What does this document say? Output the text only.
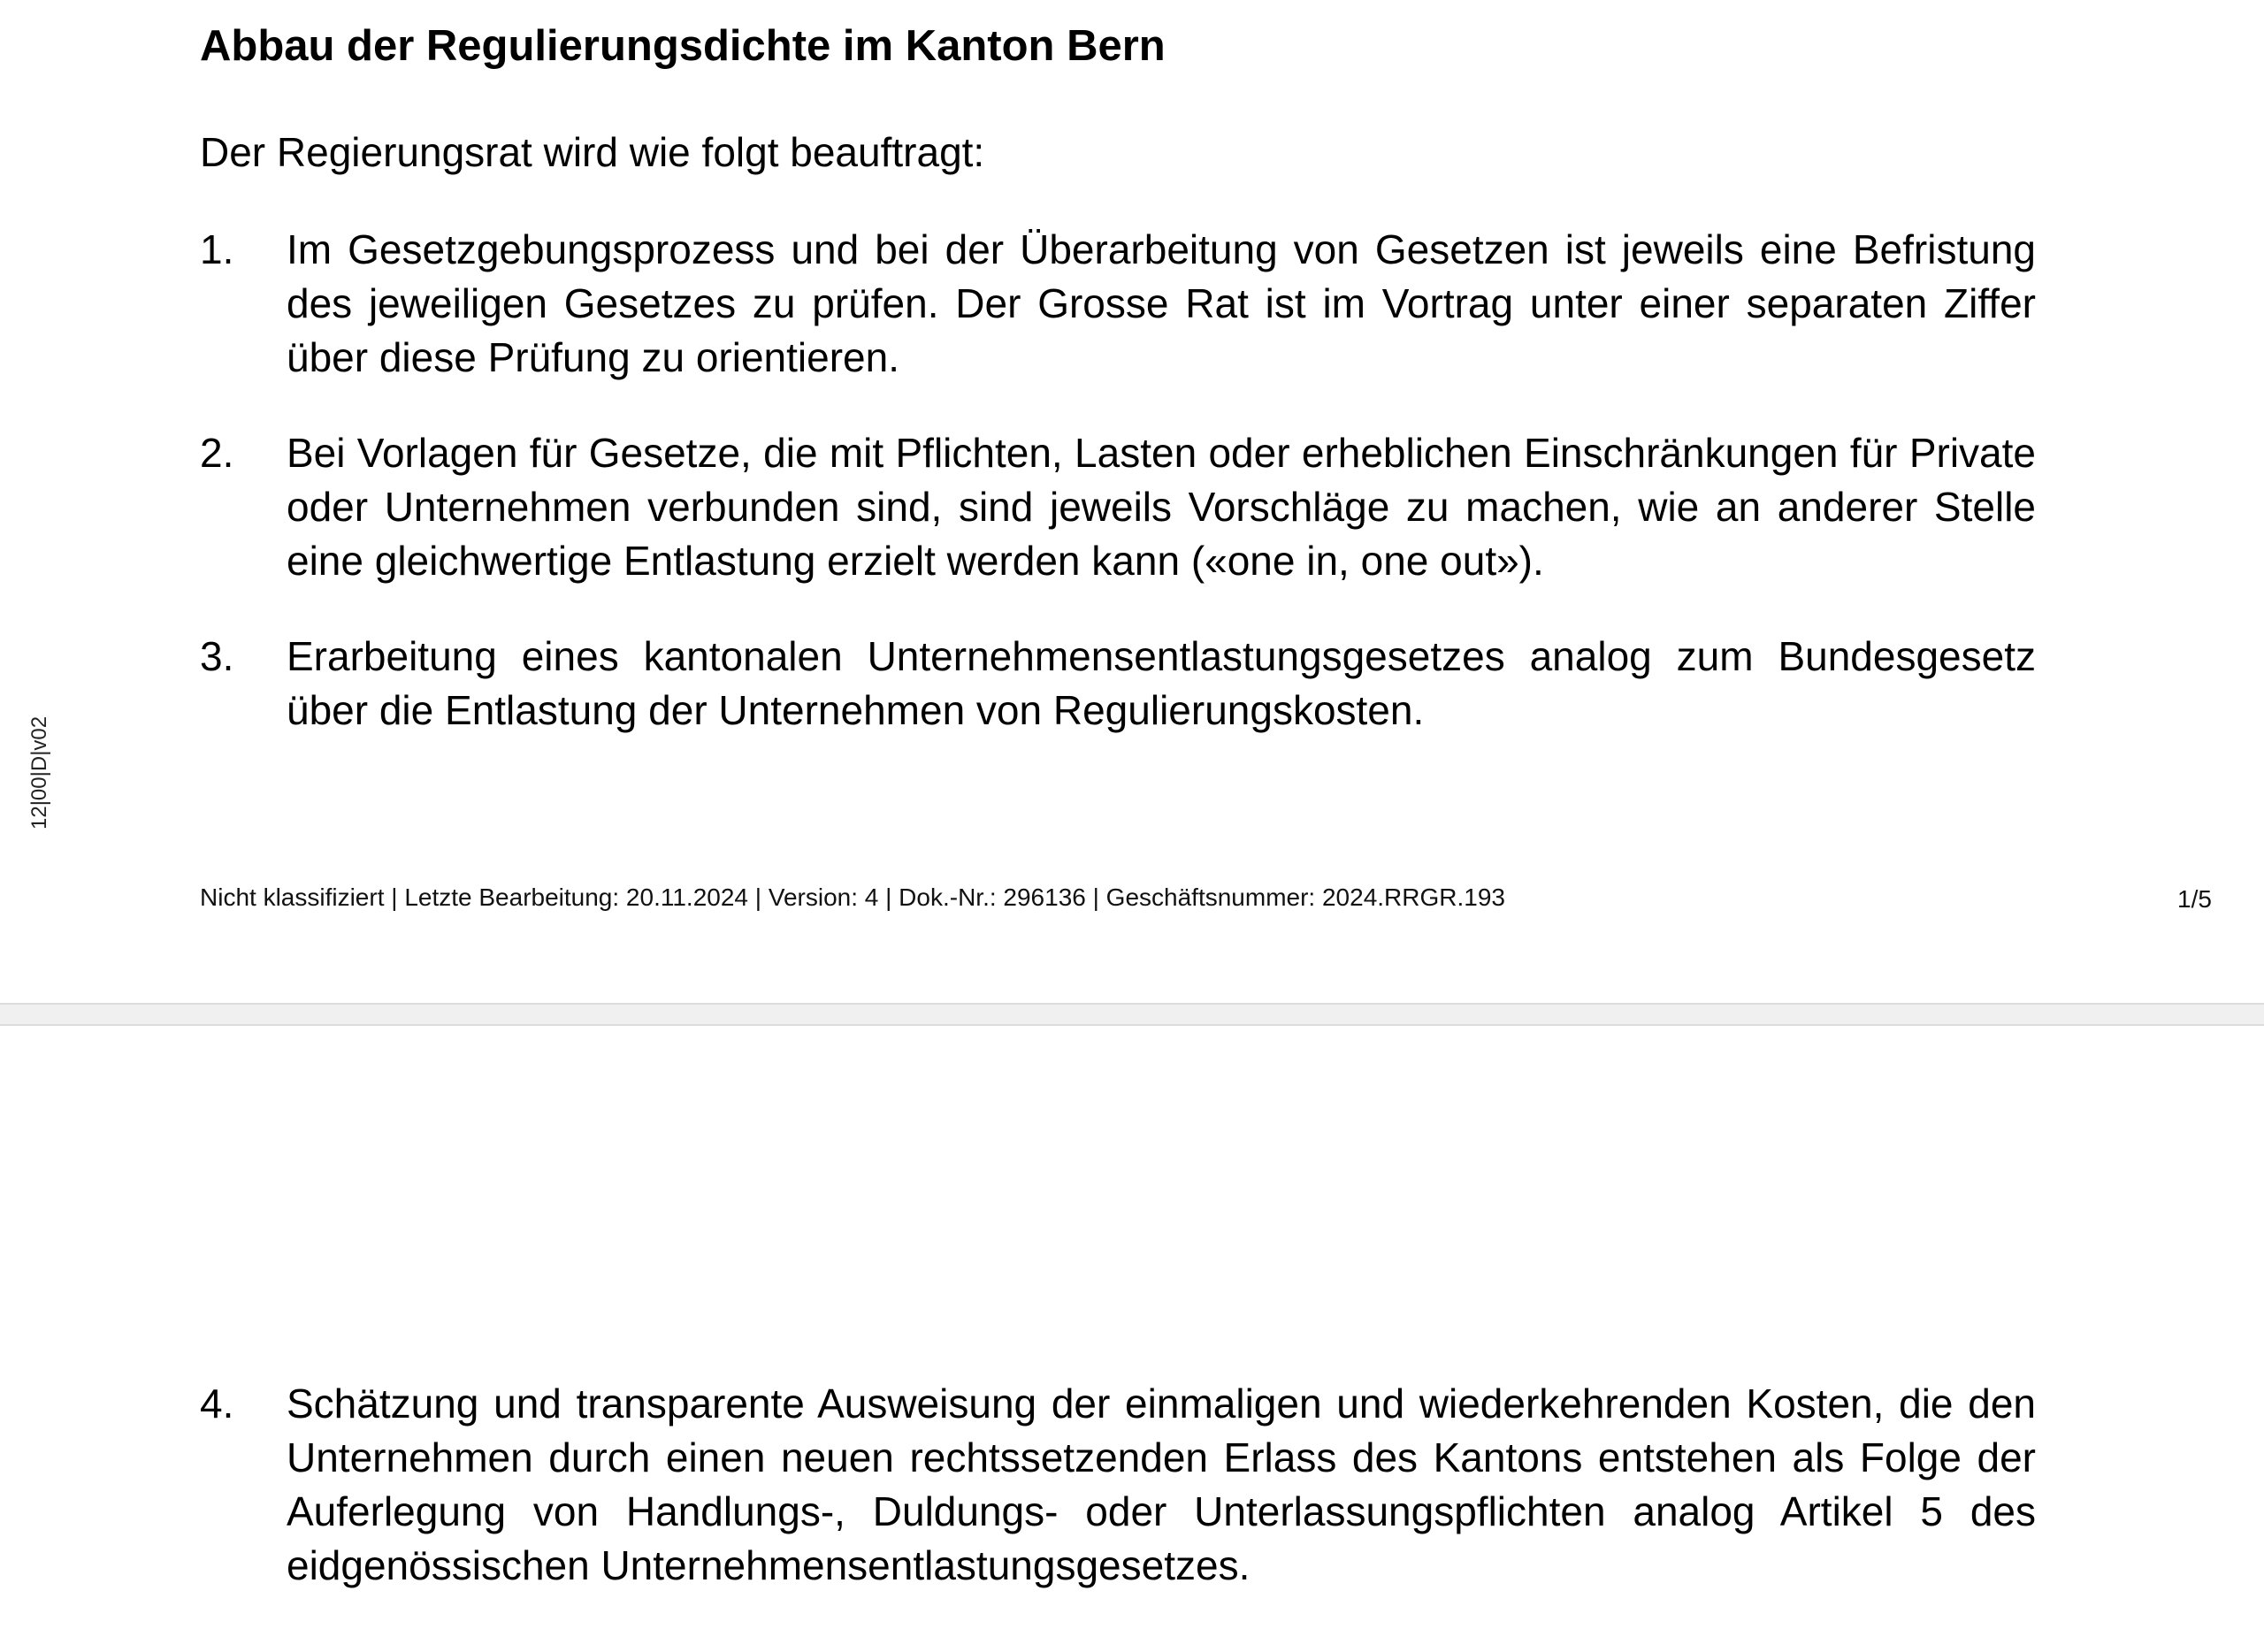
Abbau der Regulierungsdichte im Kanton Bern

Der Regierungsrat wird wie folgt beauftragt:

1.	Im Gesetzgebungsprozess und bei der Überarbeitung von Gesetzen ist jeweils eine Befristung des jeweiligen Gesetzes zu prüfen. Der Grosse Rat ist im Vortrag unter einer separaten Ziffer über diese Prüfung zu orientieren.
2.	Bei Vorlagen für Gesetze, die mit Pflichten, Lasten oder erheblichen Einschränkungen für Private oder Unternehmen verbunden sind, sind jeweils Vorschläge zu machen, wie an anderer Stelle eine gleichwertige Entlastung erzielt werden kann («one in, one out»).
3.	Erarbeitung eines kantonalen Unternehmensentlastungsgesetzes analog zum Bundesgesetz über die Entlastung der Unternehmen von Regulierungskosten.
12|00|D|v02
Nicht klassifiziert | Letzte Bearbeitung: 20.11.2024 | Version: 4 | Dok.-Nr.: 296136 | Geschäftsnummer: 2024.RRGR.193	1/5
4.	Schätzung und transparente Ausweisung der einmaligen und wiederkehrenden Kosten, die den Unternehmen durch einen neuen rechtssetzenden Erlass des Kantons entstehen als Folge der Auferlegung von Handlungs-, Duldungs- oder Unterlassungspflichten analog Artikel 5 des eidgenössischen Unternehmensentlastungsgesetzes.
